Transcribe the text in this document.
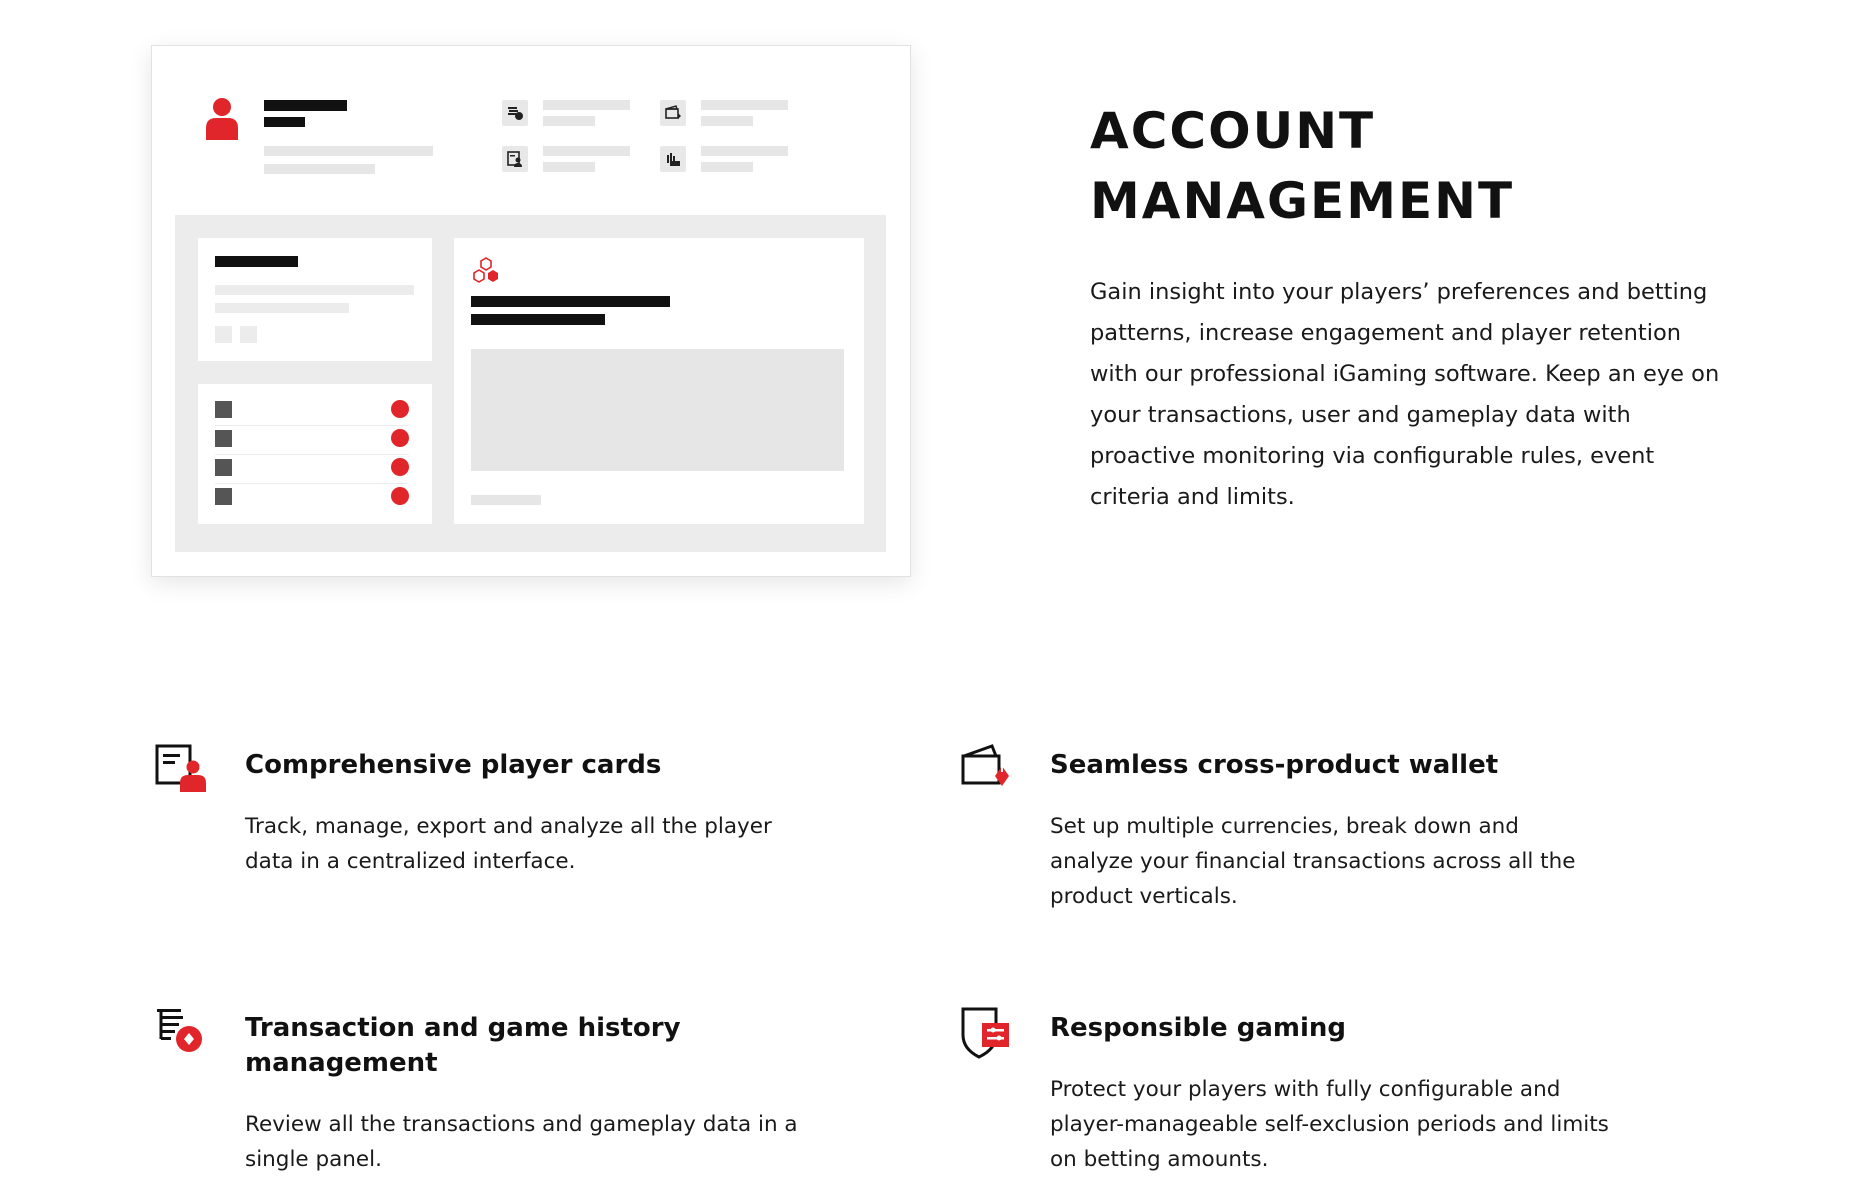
ACCOUNT
MANAGEMENT

Gain insight into your players’ preferences and betting patterns, increase engagement and player retention with our professional iGaming software. Keep an eye on your transactions, user and gameplay data with proactive monitoring via configurable rules, event criteria and limits.

Comprehensive player cards

Track, manage, export and analyze all the player data in a centralized interface.

Seamless cross-product wallet

Set up multiple currencies, break down and analyze your financial transactions across all the product verticals.

Transaction and game history
management

Review all the transactions and gameplay data in a single panel.

Responsible gaming

Protect your players with fully configurable and player-manageable self-exclusion periods and limits on betting amounts.
